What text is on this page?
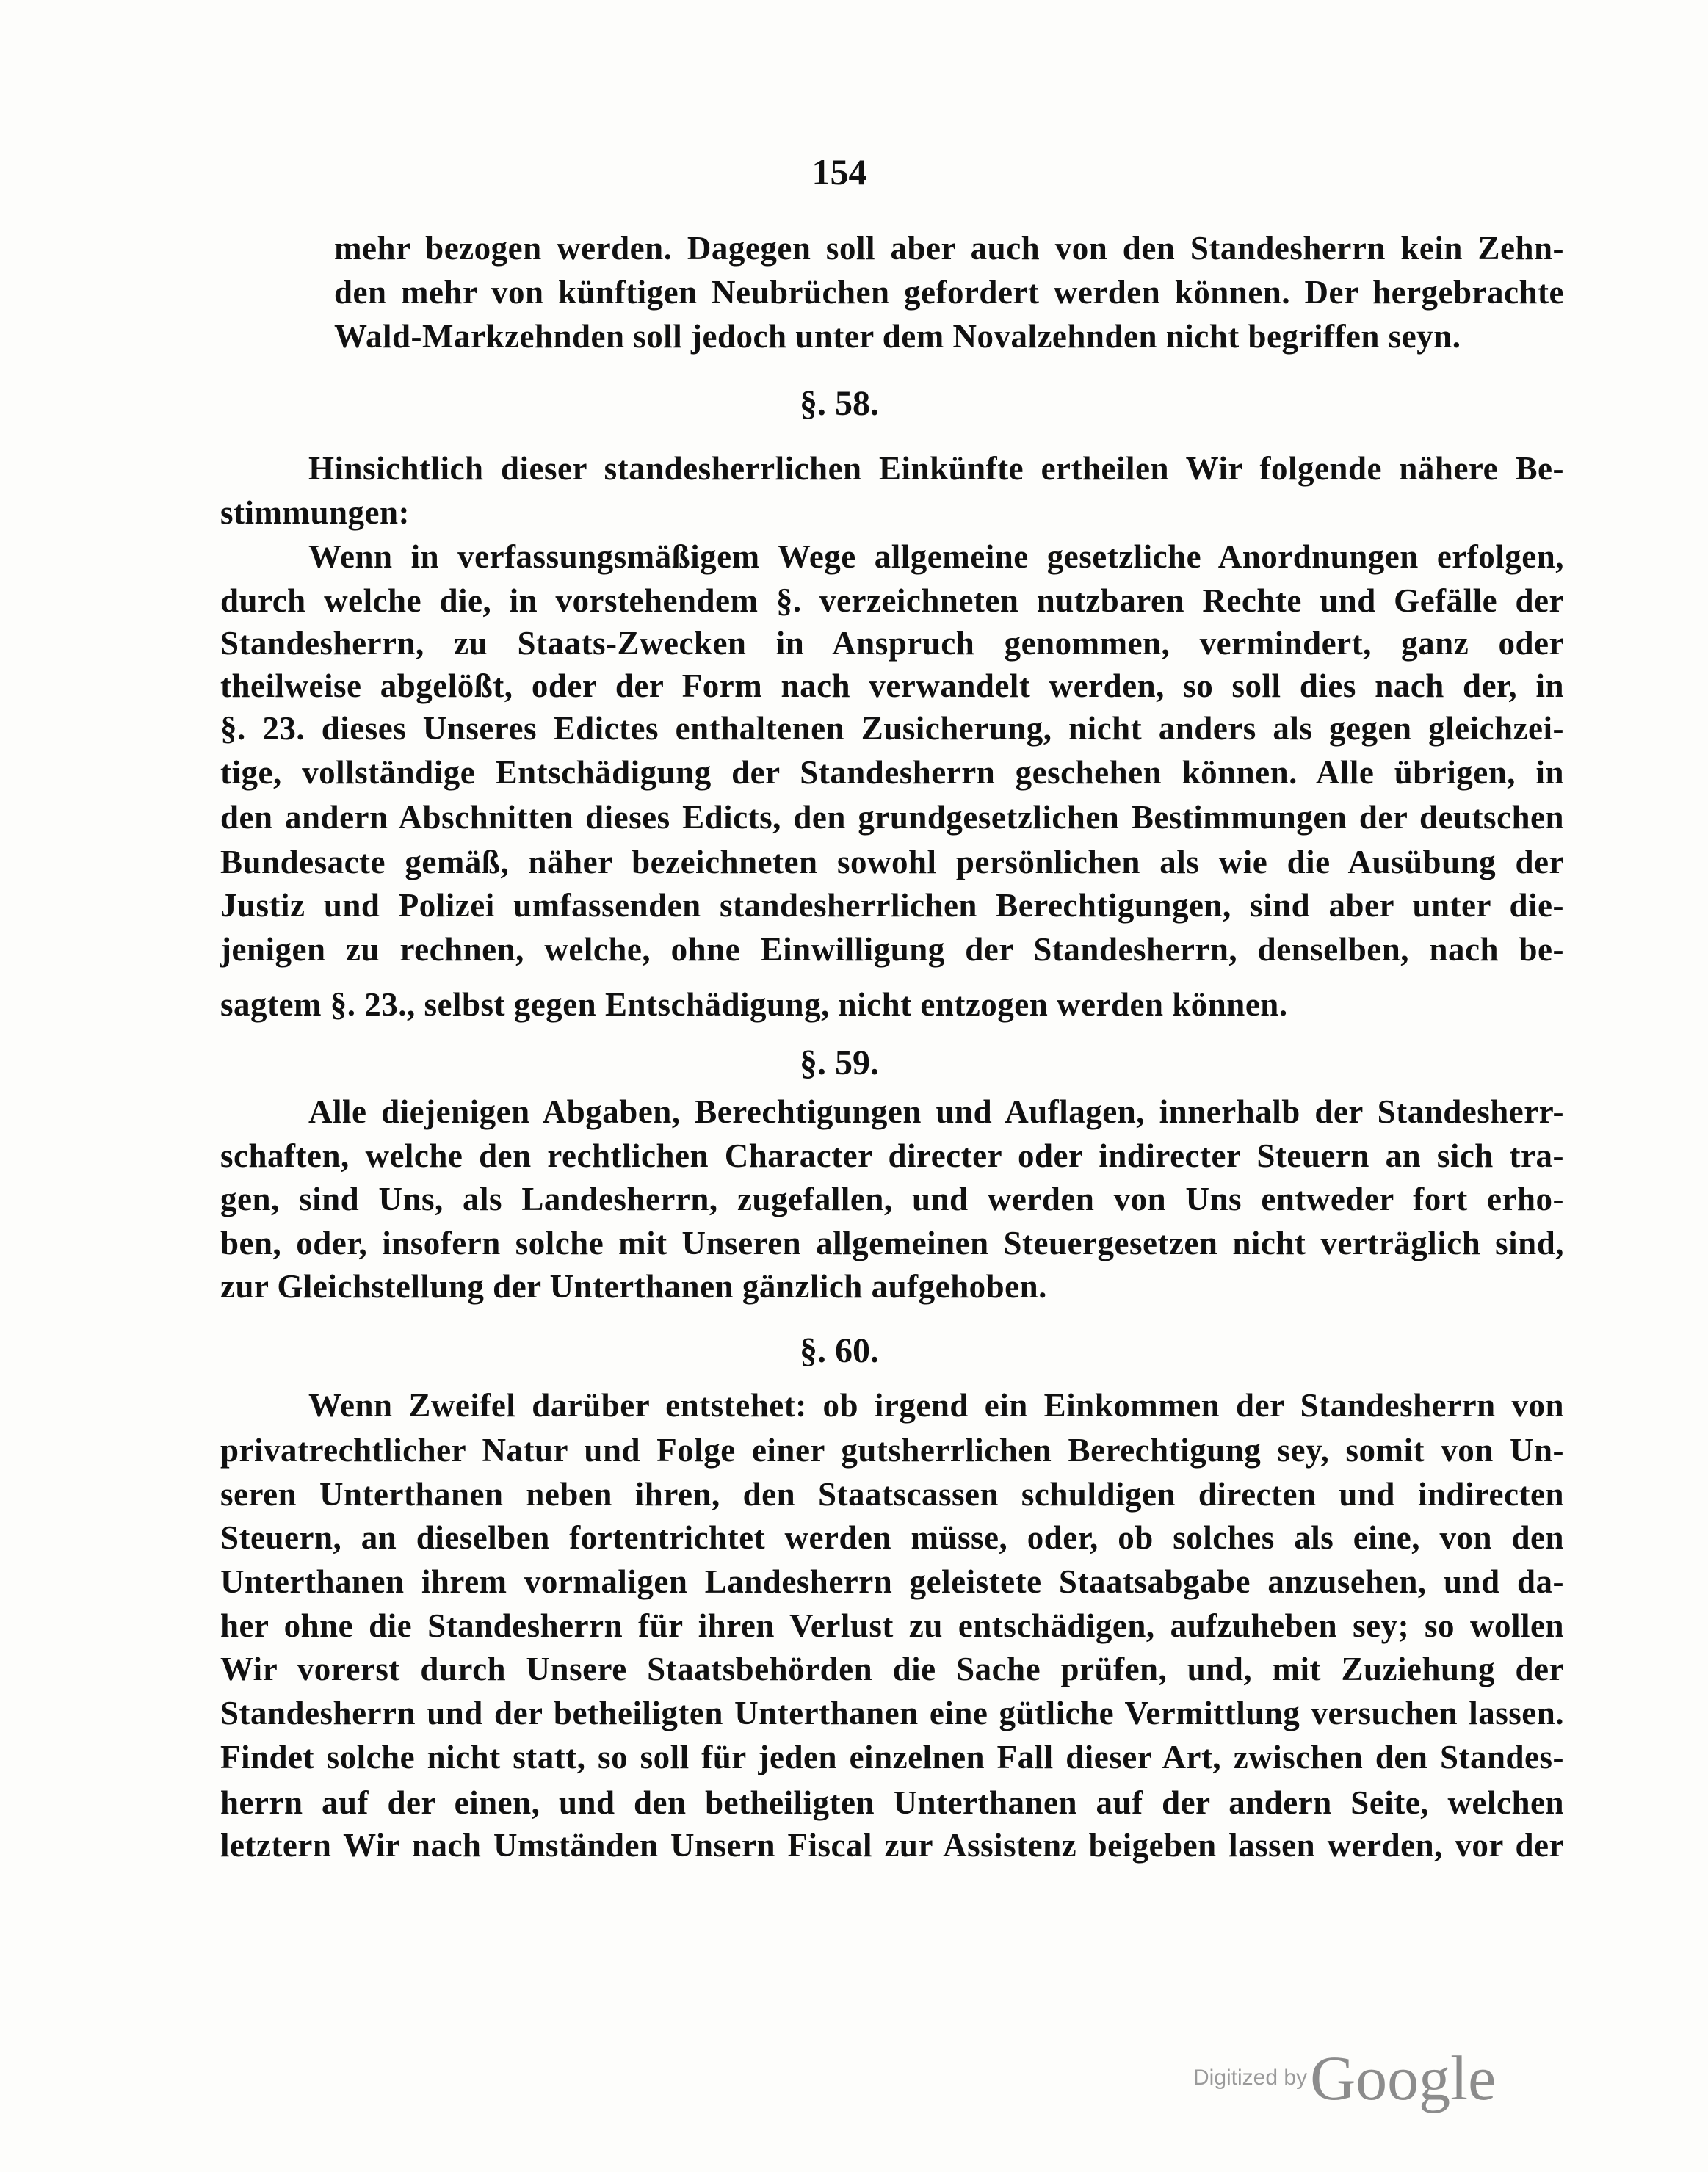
154
mehr bezogen werden. Dagegen soll aber auch von den Standesherrn kein Zehn-
den mehr von künftigen Neubrüchen gefordert werden können. Der hergebrachte
Wald-Markzehnden soll jedoch unter dem Novalzehnden nicht begriffen seyn.
§. 58.
Hinsichtlich dieser standesherrlichen Einkünfte ertheilen Wir folgende nähere Be-
stimmungen:
Wenn in verfassungsmäßigem Wege allgemeine gesetzliche Anordnungen erfolgen,
durch welche die, in vorstehendem §. verzeichneten nutzbaren Rechte und Gefälle der
Standesherrn, zu Staats-Zwecken in Anspruch genommen, vermindert, ganz oder
theilweise abgelößt, oder der Form nach verwandelt werden, so soll dies nach der, in
§. 23. dieses Unseres Edictes enthaltenen Zusicherung, nicht anders als gegen gleichzei-
tige, vollständige Entschädigung der Standesherrn geschehen können. Alle übrigen, in
den andern Abschnitten dieses Edicts, den grundgesetzlichen Bestimmungen der deutschen
Bundesacte gemäß, näher bezeichneten sowohl persönlichen als wie die Ausübung der
Justiz und Polizei umfassenden standesherrlichen Berechtigungen, sind aber unter die-
jenigen zu rechnen, welche, ohne Einwilligung der Standesherrn, denselben, nach be-
sagtem §. 23., selbst gegen Entschädigung, nicht entzogen werden können.
§. 59.
Alle diejenigen Abgaben, Berechtigungen und Auflagen, innerhalb der Standesherr-
schaften, welche den rechtlichen Character directer oder indirecter Steuern an sich tra-
gen, sind Uns, als Landesherrn, zugefallen, und werden von Uns entweder fort erho-
ben, oder, insofern solche mit Unseren allgemeinen Steuergesetzen nicht verträglich sind,
zur Gleichstellung der Unterthanen gänzlich aufgehoben.
§. 60.
Wenn Zweifel darüber entstehet: ob irgend ein Einkommen der Standesherrn von
privatrechtlicher Natur und Folge einer gutsherrlichen Berechtigung sey, somit von Un-
seren Unterthanen neben ihren, den Staatscassen schuldigen directen und indirecten
Steuern, an dieselben fortentrichtet werden müsse, oder, ob solches als eine, von den
Unterthanen ihrem vormaligen Landesherrn geleistete Staatsabgabe anzusehen, und da-
her ohne die Standesherrn für ihren Verlust zu entschädigen, aufzuheben sey; so wollen
Wir vorerst durch Unsere Staatsbehörden die Sache prüfen, und, mit Zuziehung der
Standesherrn und der betheiligten Unterthanen eine gütliche Vermittlung versuchen lassen.
Findet solche nicht statt, so soll für jeden einzelnen Fall dieser Art, zwischen den Standes-
herrn auf der einen, und den betheiligten Unterthanen auf der andern Seite, welchen
letztern Wir nach Umständen Unsern Fiscal zur Assistenz beigeben lassen werden, vor der
Digitized by Google
